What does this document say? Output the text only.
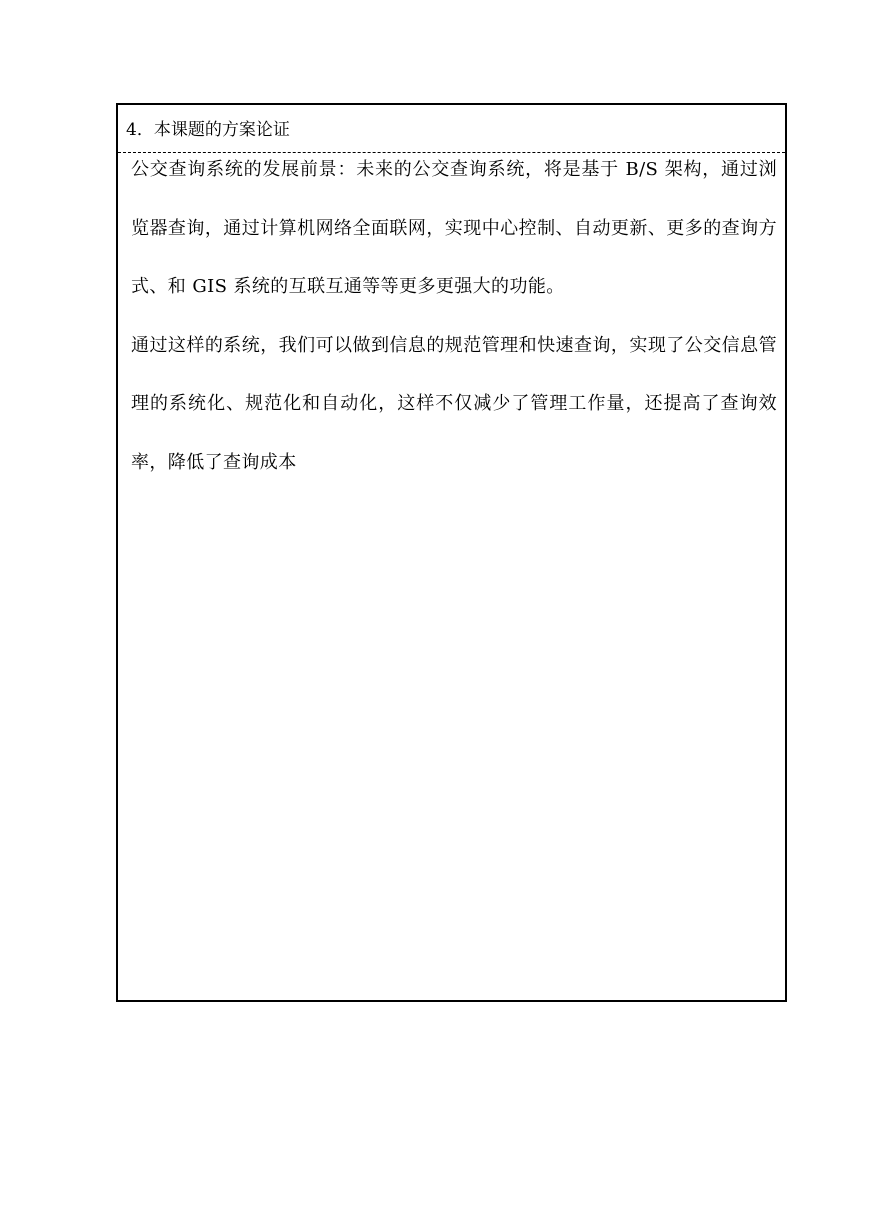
4．本课题的方案论证

公交查询系统的发展前景：未来的公交查询系统，将是基于 B/S 架构，通过浏览器查询，通过计算机网络全面联网，实现中心控制、自动更新、更多的查询方式、和 GIS 系统的互联互通等等更多更强大的功能。

通过这样的系统，我们可以做到信息的规范管理和快速查询，实现了公交信息管理的系统化、规范化和自动化，这样不仅减少了管理工作量，还提高了查询效率，降低了查询成本
